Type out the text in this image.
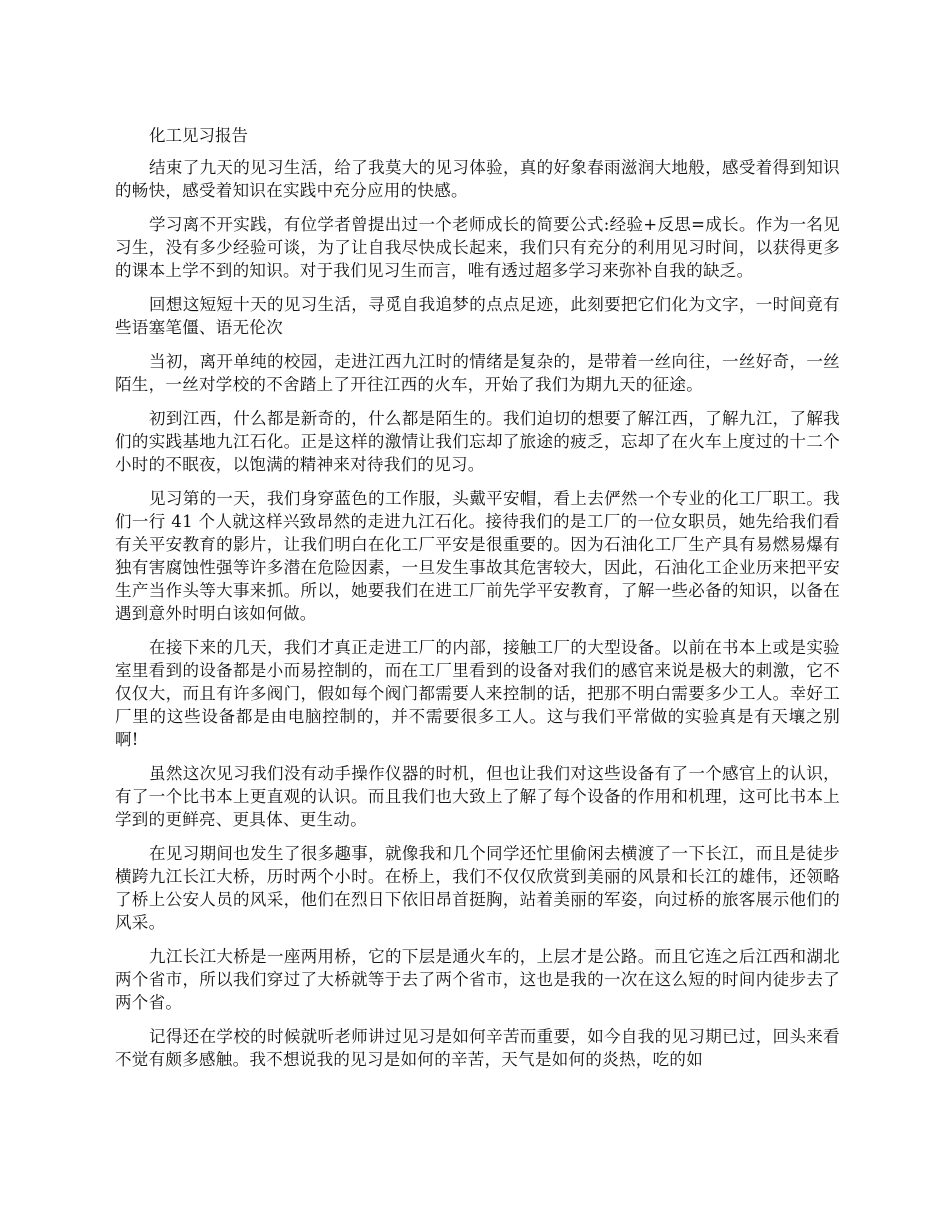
化工见习报告

结束了九天的见习生活，给了我莫大的见习体验，真的好象春雨滋润大地般，感受着得到知识的畅快，感受着知识在实践中充分应用的快感。

学习离不开实践，有位学者曾提出过一个老师成长的简要公式:经验+反思=成长。作为一名见习生，没有多少经验可谈，为了让自我尽快成长起来，我们只有充分的利用见习时间，以获得更多的课本上学不到的知识。对于我们见习生而言，唯有透过超多学习来弥补自我的缺乏。

回想这短短十天的见习生活，寻觅自我追梦的点点足迹，此刻要把它们化为文字，一时间竟有些语塞笔僵、语无伦次

当初，离开单纯的校园，走进江西九江时的情绪是复杂的，是带着一丝向往，一丝好奇，一丝陌生，一丝对学校的不舍踏上了开往江西的火车，开始了我们为期九天的征途。

初到江西，什么都是新奇的，什么都是陌生的。我们迫切的想要了解江西，了解九江，了解我们的实践基地九江石化。正是这样的激情让我们忘却了旅途的疲乏，忘却了在火车上度过的十二个小时的不眠夜，以饱满的精神来对待我们的见习。

见习第的一天，我们身穿蓝色的工作服，头戴平安帽，看上去俨然一个专业的化工厂职工。我们一行 41 个人就这样兴致昂然的走进九江石化。接待我们的是工厂的一位女职员，她先给我们看有关平安教育的影片，让我们明白在化工厂平安是很重要的。因为石油化工厂生产具有易燃易爆有独有害腐蚀性强等许多潜在危险因素，一旦发生事故其危害较大，因此，石油化工企业历来把平安生产当作头等大事来抓。所以，她要我们在进工厂前先学平安教育，了解一些必备的知识，以备在遇到意外时明白该如何做。

在接下来的几天，我们才真正走进工厂的内部，接触工厂的大型设备。以前在书本上或是实验室里看到的设备都是小而易控制的，而在工厂里看到的设备对我们的感官来说是极大的刺激，它不仅仅大，而且有许多阀门，假如每个阀门都需要人来控制的话，把那不明白需要多少工人。幸好工厂里的这些设备都是由电脑控制的，并不需要很多工人。这与我们平常做的实验真是有天壤之别啊!

虽然这次见习我们没有动手操作仪器的时机，但也让我们对这些设备有了一个感官上的认识，有了一个比书本上更直观的认识。而且我们也大致上了解了每个设备的作用和机理，这可比书本上学到的更鲜亮、更具体、更生动。

在见习期间也发生了很多趣事，就像我和几个同学还忙里偷闲去横渡了一下长江，而且是徒步横跨九江长江大桥，历时两个小时。在桥上，我们不仅仅欣赏到美丽的风景和长江的雄伟，还领略了桥上公安人员的风采，他们在烈日下依旧昂首挺胸，站着美丽的军姿，向过桥的旅客展示他们的风采。

九江长江大桥是一座两用桥，它的下层是通火车的，上层才是公路。而且它连之后江西和湖北两个省市，所以我们穿过了大桥就等于去了两个省市，这也是我的一次在这么短的时间内徒步去了两个省。

记得还在学校的时候就听老师讲过见习是如何辛苦而重要，如今自我的见习期已过，回头来看不觉有颇多感触。我不想说我的见习是如何的辛苦，天气是如何的炎热，吃的如
